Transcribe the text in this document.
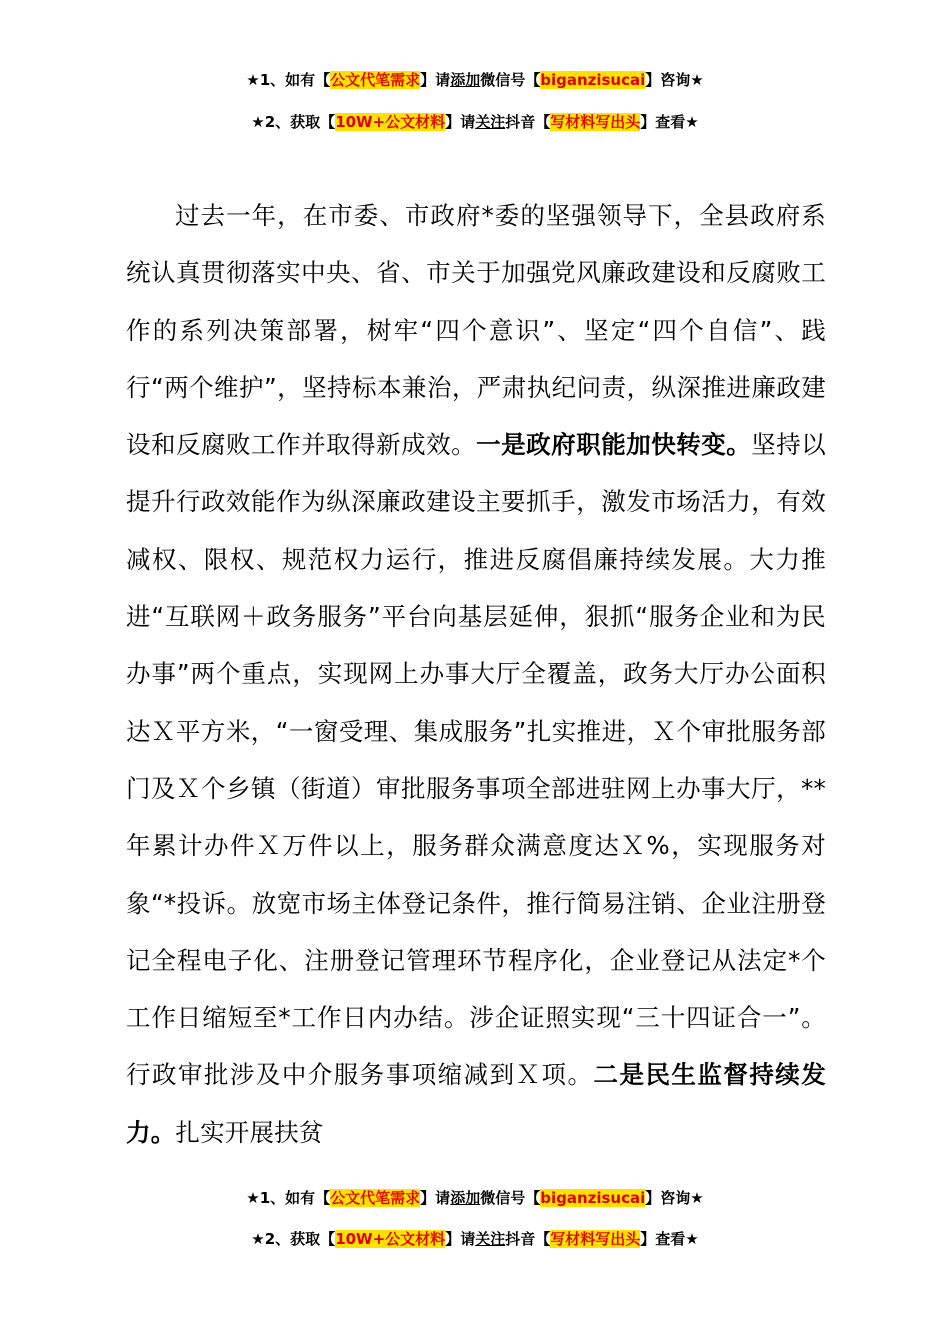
★1、如有【公文代笔需求】请添加微信号【biganzisucai】咨询★
★2、获取【10W+公文材料】请关注抖音【写材料写出头】查看★

过去一年，在市委、市政府*委的坚强领导下，全县政府系统认真贯彻落实中央、省、市关于加强党风廉政建设和反腐败工作的系列决策部署，树牢“四个意识”、坚定“四个自信”、践行“两个维护”，坚持标本兼治，严肃执纪问责，纵深推进廉政建设和反腐败工作并取得新成效。一是政府职能加快转变。坚持以提升行政效能作为纵深廉政建设主要抓手，激发市场活力，有效减权、限权、规范权力运行，推进反腐倡廉持续发展。大力推进“互联网＋政务服务”平台向基层延伸，狠抓“服务企业和为民办事”两个重点，实现网上办事大厅全覆盖，政务大厅办公面积达Ｘ平方米，“一窗受理、集成服务”扎实推进，Ｘ个审批服务部门及Ｘ个乡镇（街道）审批服务事项全部进驻网上办事大厅，**年累计办件Ｘ万件以上，服务群众满意度达Ｘ%，实现服务对象“*投诉。放宽市场主体登记条件，推行简易注销、企业注册登记全程电子化、注册登记管理环节程序化，企业登记从法定*个工作日缩短至*工作日内办结。涉企证照实现“三十四证合一”。行政审批涉及中介服务事项缩减到Ｘ项。二是民生监督持续发力。扎实开展扶贫

★1、如有【公文代笔需求】请添加微信号【biganzisucai】咨询★
★2、获取【10W+公文材料】请关注抖音【写材料写出头】查看★
